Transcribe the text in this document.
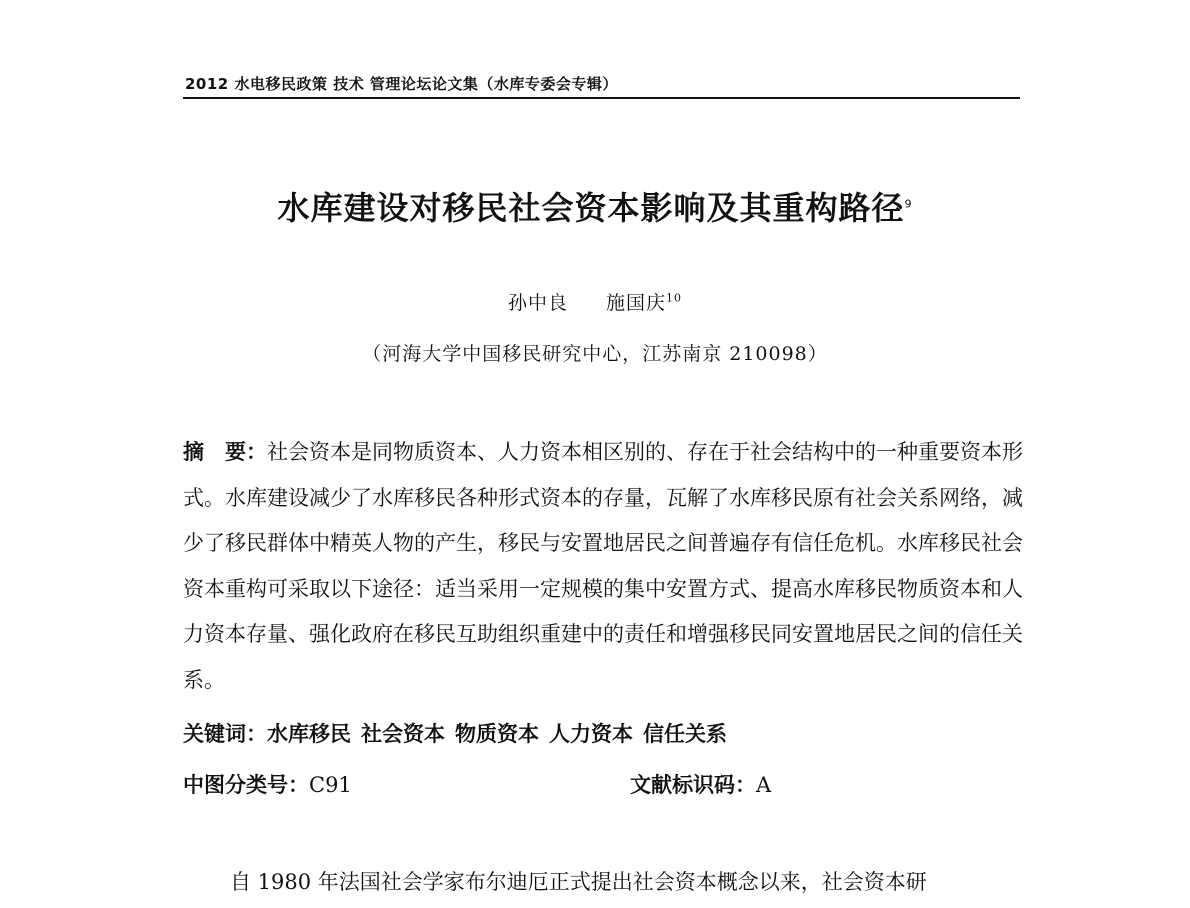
2012 水电移民政策 技术 管理论坛论文集（水库专委会专辑）
水库建设对移民社会资本影响及其重构路径$^9$
孙中良 施国庆$^{10}$
（河海大学中国移民研究中心，江苏南京 210098）
摘　要：社会资本是同物质资本、人力资本相区别的、存在于社会结构中的一种重要资本形式。水库建设减少了水库移民各种形式资本的存量，瓦解了水库移民原有社会关系网络，减少了移民群体中精英人物的产生，移民与安置地居民之间普遍存有信任危机。水库移民社会资本重构可采取以下途径：适当采用一定规模的集中安置方式、提高水库移民物质资本和人力资本存量、强化政府在移民互助组织重建中的责任和增强移民同安置地居民之间的信任关系。
关键词：水库移民 社会资本 物质资本 人力资本 信任关系
中图分类号：C91	文献标识码：A
自 1980 年法国社会学家布尔迪厄正式提出社会资本概念以来，社会资本研
